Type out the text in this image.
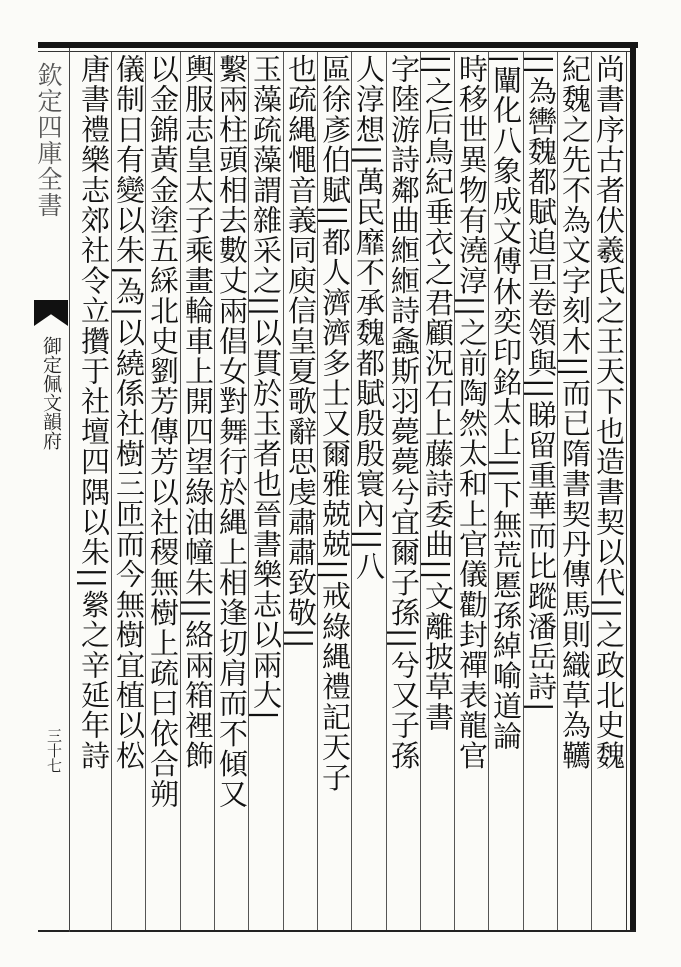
欽定四庫全書
御定佩文韻府
三十七	尚書序古者伏羲氏之王天下也造書契以代||之政北史魏
紀魏之先不為文字刻木||而已隋書契丹傳馬則織草為韉
||為轡魏都賦追亘卷領與||睇留重華而比蹤潘岳詩|
|闡化八象成文傅休奕印銘太上||下無荒慝孫綽喻道論
時移世異物有澆淳||之前陶然太和上官儀勸封禪表龍官
||之后鳥紀垂衣之君顧況石上藤詩委曲||文離披草書
字陸游詩鄰曲縆縆詩螽斯羽薨薨兮宜爾子孫||兮又子孫
人淳想||萬民靡不承魏都賦殷殷寰內||八
區徐彥伯賦||都人濟濟多士又爾雅兢兢||戒綠縄禮記天子
也疏縄憴音義同庾信皇夏歌辭思虔肅肅致敬||
玉藻疏藻謂雜采之||以貫於玉者也晉書樂志以兩大|
繫兩柱頭相去數丈兩倡女對舞行於縄上相逢切肩而不傾又
輿服志皇太子乘畫輪車上開四望綠油幢朱||絡兩箱裡飾
以金錦黃金塗五綵北史劉芳傳芳以社稷無樹上疏曰依合朔
儀制日有變以朱|為|以繞係社樹三匝而今無樹宜植以松
唐書禮樂志郊社令立攢于社壇四隅以朱||縈之辛延年詩
